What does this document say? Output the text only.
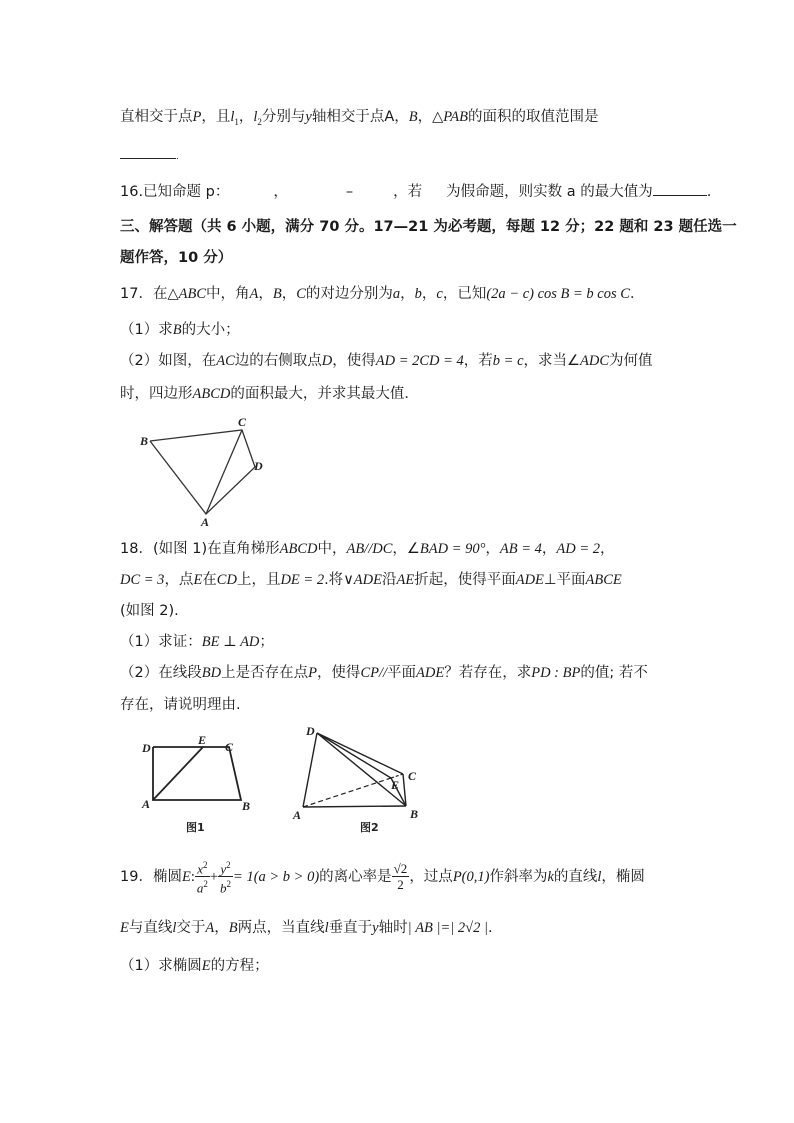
直相交于点P，且$l_1$，$l_2$分别与y轴相交于点A，B，△PAB的面积的取值范围是
.
16.已知命题 p：	，	–	，若 为假命题，则实数 a 的最大值为	.
三、解答题（共 6 小题，满分 70 分。17—21 为必考题，每题 12 分；22 题和 23 题任选一
题作答，10 分）
17．在△ABC中，角A，B，C的对边分别为a，b，c，已知(2a − c) cos B = b cos C．
（1）求B的大小；
（2）如图，在AC边的右侧取点D，使得AD = 2CD = 4，若b = c，求当∠ADC为何值
时，四边形ABCD的面积最大，并求其最大值．
B
C
D
A
18．(如图 1)在直角梯形ABCD中，AB//DC，∠BAD = 90°，AB = 4，AD = 2，
DC = 3，点E在CD上，且DE = 2.将∨ADE沿AE折起，使得平面ADE⊥平面ABCE
(如图 2).
（1）求证：BE ⊥ AD；
（2）在线段BD上是否存在点P，使得CP//平面ADE？若存在，求PD : BP的值; 若不
存在，请说明理由.
D
E C
A	B
图1
D
E
C
A	B
图2
19．椭圆E: $\frac{x^2}{a^2} + \frac{y^2}{b^2} = 1(a > b > 0)$的离心率是 $\frac{√2}{2}$ ，过点P(0,1)作斜率为k的直线l，椭圆
E与直线l交于A，B两点，当直线l垂直于y轴时| AB |=| 2√2 |.
（1）求椭圆E的方程；
